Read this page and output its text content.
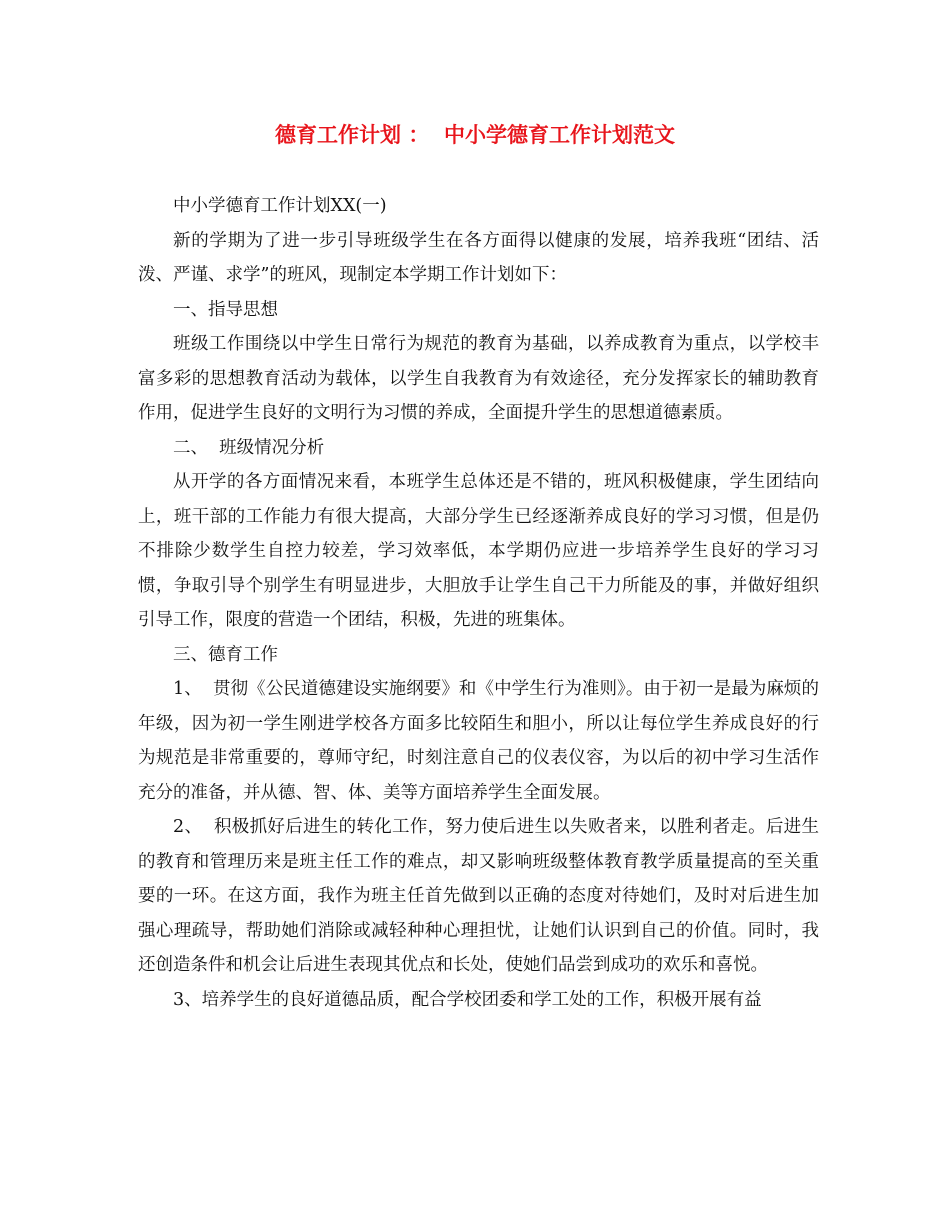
德育工作计划 ：  中小学德育工作计划范文

中小学德育工作计划XX(一)

新的学期为了进一步引导班级学生在各方面得以健康的发展，培养我班“团结、活泼、严谨、求学”的班风，现制定本学期工作计划如下：

一、指导思想

班级工作围绕以中学生日常行为规范的教育为基础，以养成教育为重点，以学校丰富多彩的思想教育活动为载体，以学生自我教育为有效途径，充分发挥家长的辅助教育作用，促进学生良好的文明行为习惯的养成，全面提升学生的思想道德素质。

二、  班级情况分析

从开学的各方面情况来看，本班学生总体还是不错的，班风积极健康，学生团结向上，班干部的工作能力有很大提高，大部分学生已经逐渐养成良好的学习习惯，但是仍不排除少数学生自控力较差，学习效率低，本学期仍应进一步培养学生良好的学习习惯，争取引导个别学生有明显进步，大胆放手让学生自己干力所能及的事，并做好组织引导工作，限度的营造一个团结，积极，先进的班集体。

三、德育工作

1、  贯彻《公民道德建设实施纲要》和《中学生行为准则》。由于初一是最为麻烦的年级，因为初一学生刚进学校各方面多比较陌生和胆小，所以让每位学生养成良好的行为规范是非常重要的，尊师守纪，时刻注意自己的仪表仪容，为以后的初中学习生活作充分的准备，并从德、智、体、美等方面培养学生全面发展。

2、  积极抓好后进生的转化工作，努力使后进生以失败者来，以胜利者走。后进生的教育和管理历来是班主任工作的难点，却又影响班级整体教育教学质量提高的至关重要的一环。在这方面，我作为班主任首先做到以正确的态度对待她们，及时对后进生加强心理疏导，帮助她们消除或减轻种种心理担忧，让她们认识到自己的价值。同时，我还创造条件和机会让后进生表现其优点和长处，使她们品尝到成功的欢乐和喜悦。

3、培养学生的良好道德品质，配合学校团委和学工处的工作，积极开展有益
